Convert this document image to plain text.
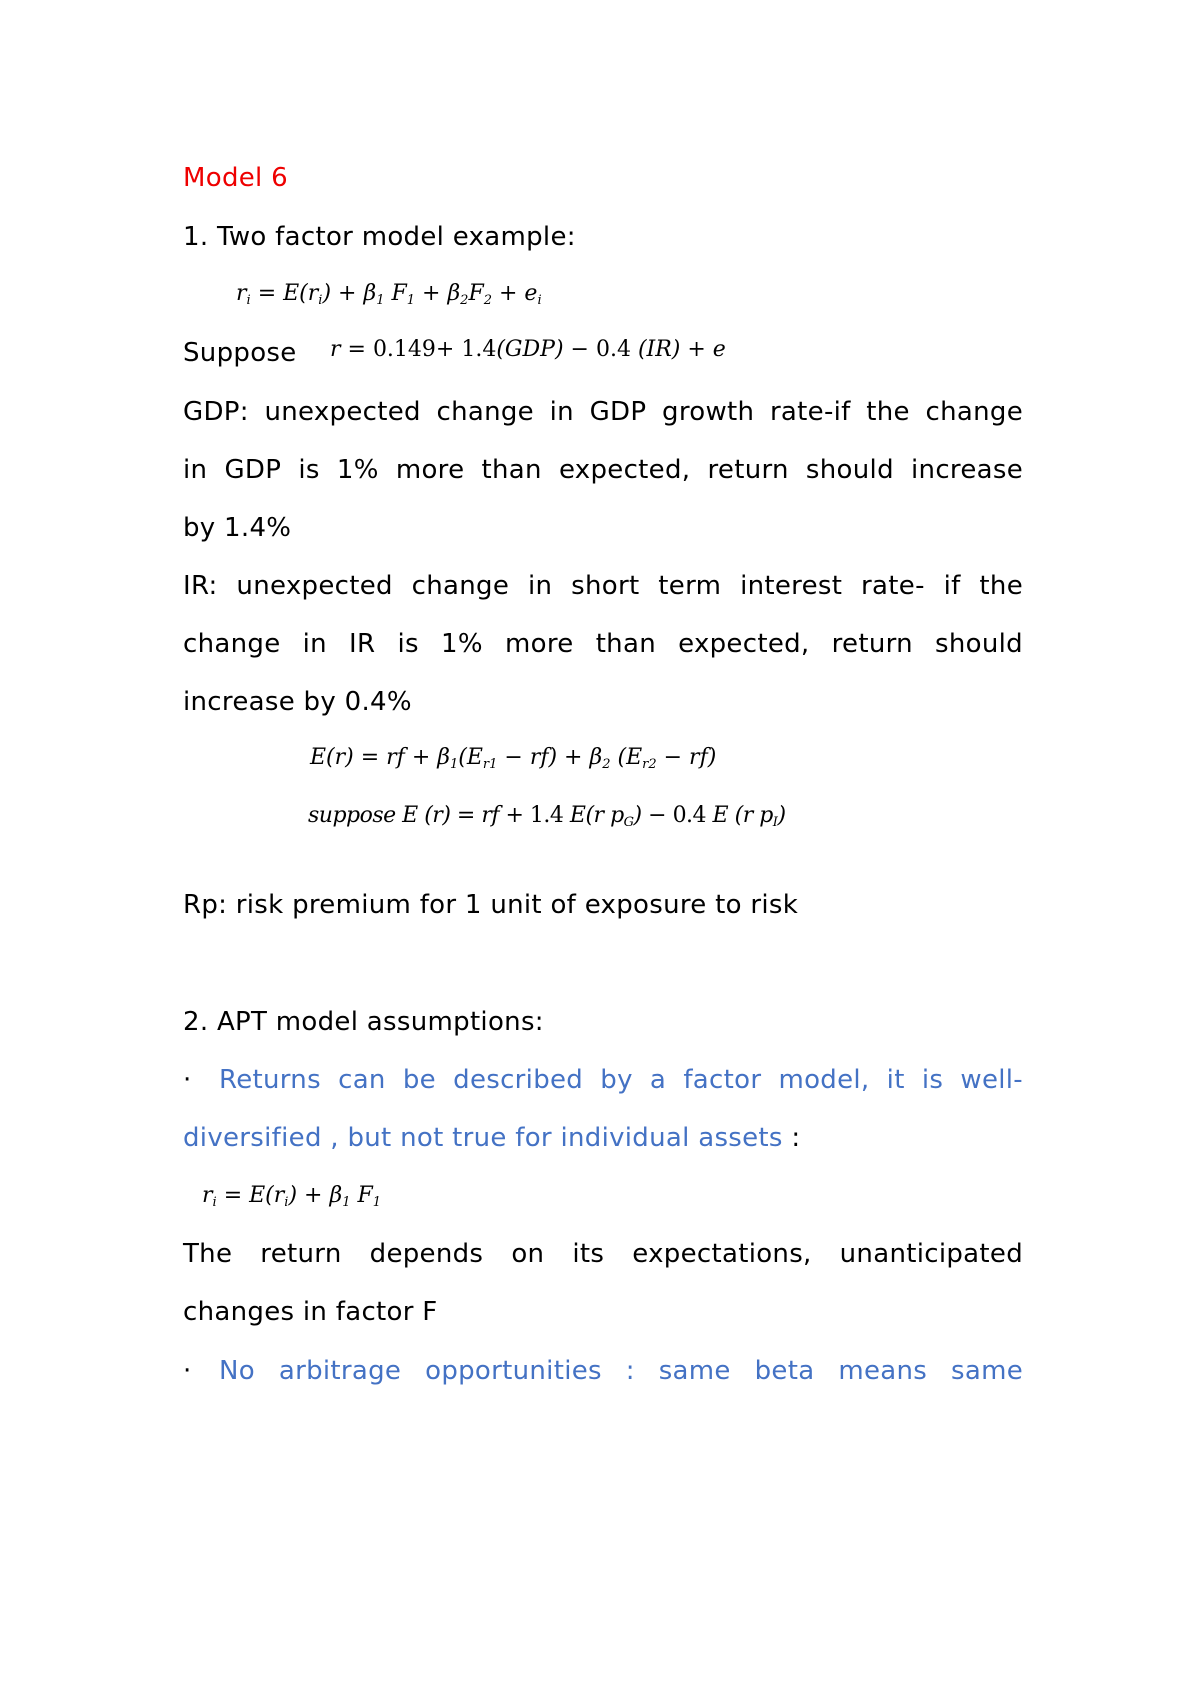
Model 6
1. Two factor model example:
$r_i = E(r_i) + \beta_1$ $F_1 + \beta_2F_2 + e_i$
Suppose	r = 0.149+ 1.4(GDP) − 0.4 (IR) + e
GDP: unexpected change in GDP growth rate-if the change
in GDP is 1% more than expected, return should increase
by 1.4%
IR: unexpected change in short term interest rate- if the
change in IR is 1% more than expected, return should
increase by 0.4%
E(r) = rf + $\beta_1(E_{r1} - rf) + \beta_2$ $(E_{r2} - rf)$
suppose E (r) = rf + 1.4 E(r $p_G) - 0.4$ E (r $p_I$)
Rp: risk premium for 1 unit of exposure to risk
2. APT model assumptions:
· Returns can be described by a factor model, it is well-
diversified , but not true for individual assets :
$r_i = E(r_i) + \beta_1$ $F_1$
The return depends on its expectations, unanticipated
changes in factor F
· No arbitrage opportunities : same beta means same
